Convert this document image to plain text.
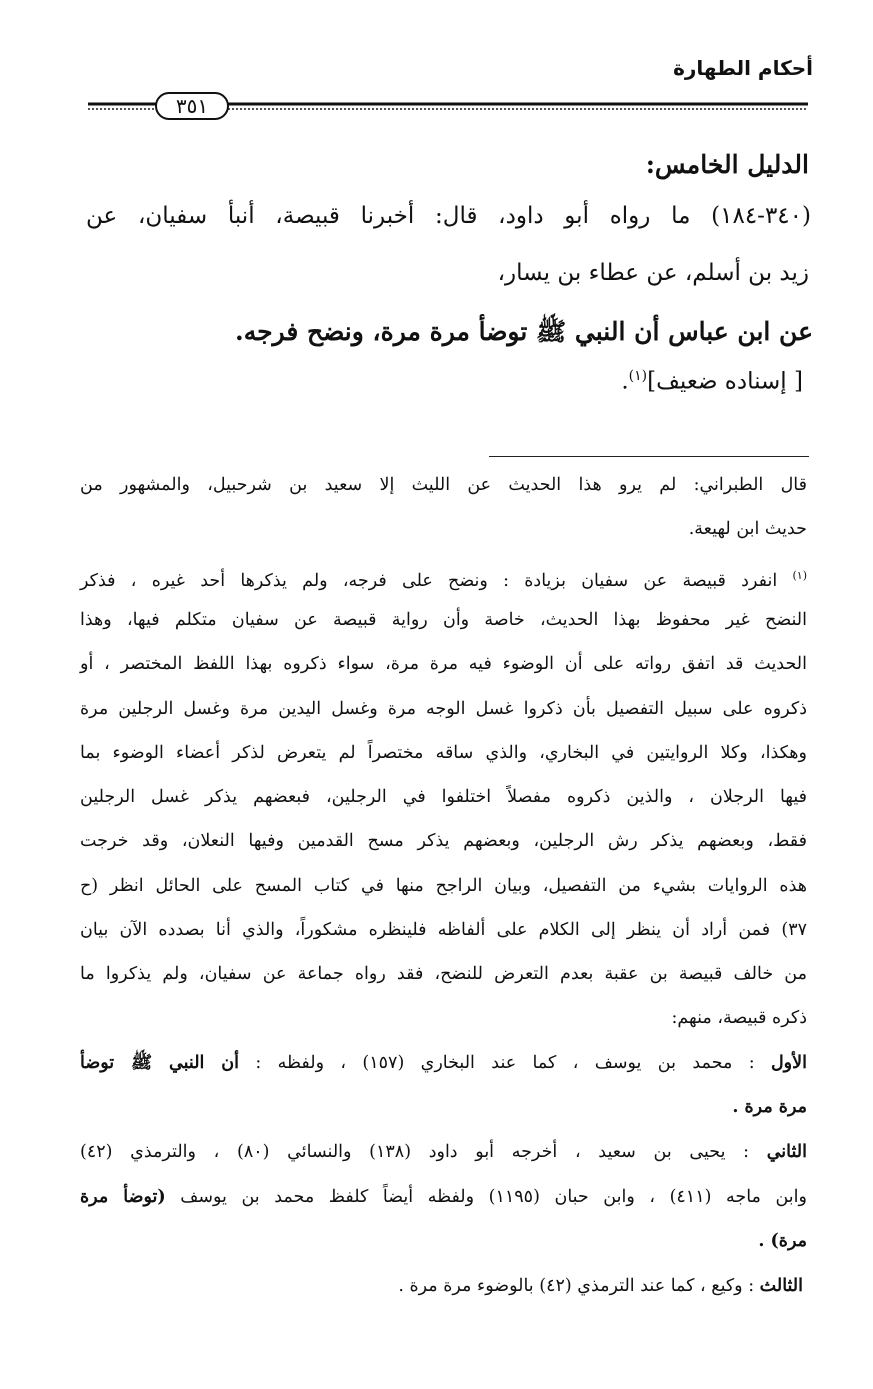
أحكام الطهارة
٣٥١
الدليل الخامس:
(٣٤٠-١٨٤) ما رواه أبو داود، قال: أخبرنا قبيصة، أنبأ سفيان، عن
زيد بن أسلم، عن عطاء بن يسار،
عن ابن عباس أن النبي ﷺ توضأ مرة مرة، ونضح فرجه.
[ إسناده ضعيف]$^{(١)}$.
قال الطبراني: لم يرو هذا الحديث عن الليث إلا سعيد بن شرحبيل، والمشهور من
حديث ابن لهيعة.
$^{(١)}$ انفرد قبيصة عن سفيان بزيادة : ونضح على فرجه، ولم يذكرها أحد غيره ، فذكر
النضح غير محفوظ بهذا الحديث، خاصة وأن رواية قبيصة عن سفيان متكلم فيها، وهذا
الحديث قد اتفق رواته على أن الوضوء فيه مرة مرة، سواء ذكروه بهذا اللفظ المختصر ، أو
ذكروه على سبيل التفصيل بأن ذكروا غسل الوجه مرة وغسل اليدين مرة وغسل الرجلين مرة
وهكذا، وكلا الروايتين في البخاري، والذي ساقه مختصراً لم يتعرض لذكر أعضاء الوضوء بما
فيها الرجلان ، والذين ذكروه مفصلاً اختلفوا في الرجلين، فبعضهم يذكر غسل الرجلين
فقط، وبعضهم يذكر رش الرجلين، وبعضهم يذكر مسح القدمين وفيها النعلان، وقد خرجت
هذه الروايات بشيء من التفصيل، وبيان الراجح منها في كتاب المسح على الحائل انظر (ح
٣٧) فمن أراد أن ينظر إلى الكلام على ألفاظه فلينظره مشكوراً، والذي أنا بصدده الآن بيان
من خالف قبيصة بن عقبة بعدم التعرض للنضح، فقد رواه جماعة عن سفيان، ولم يذكروا ما
ذكره قبيصة، منهم:
الأول : محمد بن يوسف ، كما عند البخاري (١٥٧) ، ولفظه : أن النبي ﷺ توضأ
مرة مرة .
الثاني : يحيى بن سعيد ، أخرجه أبو داود (١٣٨) والنسائي (٨٠) ، والترمذي (٤٢)
وابن ماجه (٤١١) ، وابن حبان (١١٩٥) ولفظه أيضاً كلفظ محمد بن يوسف (توضأ مرة
مرة) .
الثالث : وكيع ، كما عند الترمذي (٤٢) بالوضوء مرة مرة .
